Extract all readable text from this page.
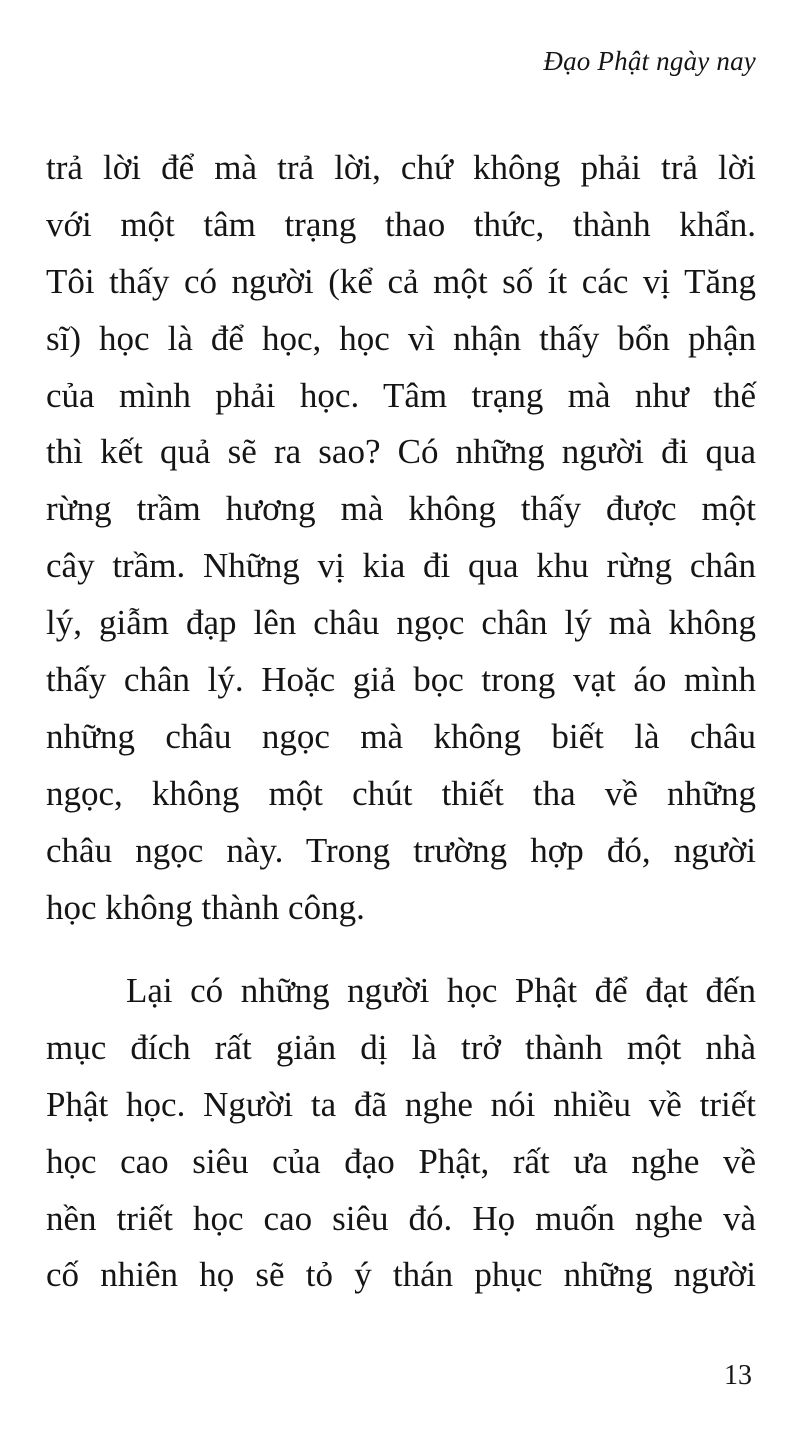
Đạo Phật ngày nay
trả lời để mà trả lời, chứ không phải trả lời
với một tâm trạng thao thức, thành khẩn.
Tôi thấy có người (kể cả một số ít các vị Tăng
sĩ) học là để học, học vì nhận thấy bổn phận
của mình phải học. Tâm trạng mà như thế
thì kết quả sẽ ra sao? Có những người đi qua
rừng trầm hương mà không thấy được một
cây trầm. Những vị kia đi qua khu rừng chân
lý, giẫm đạp lên châu ngọc chân lý mà không
thấy chân lý. Hoặc giả bọc trong vạt áo mình
những châu ngọc mà không biết là châu
ngọc, không một chút thiết tha về những
châu ngọc này. Trong trường hợp đó, người
học không thành công.
Lại có những người học Phật để đạt đến
mục đích rất giản dị là trở thành một nhà
Phật học. Người ta đã nghe nói nhiều về triết
học cao siêu của đạo Phật, rất ưa nghe về
nền triết học cao siêu đó. Họ muốn nghe và
cố nhiên họ sẽ tỏ ý thán phục những người
13
